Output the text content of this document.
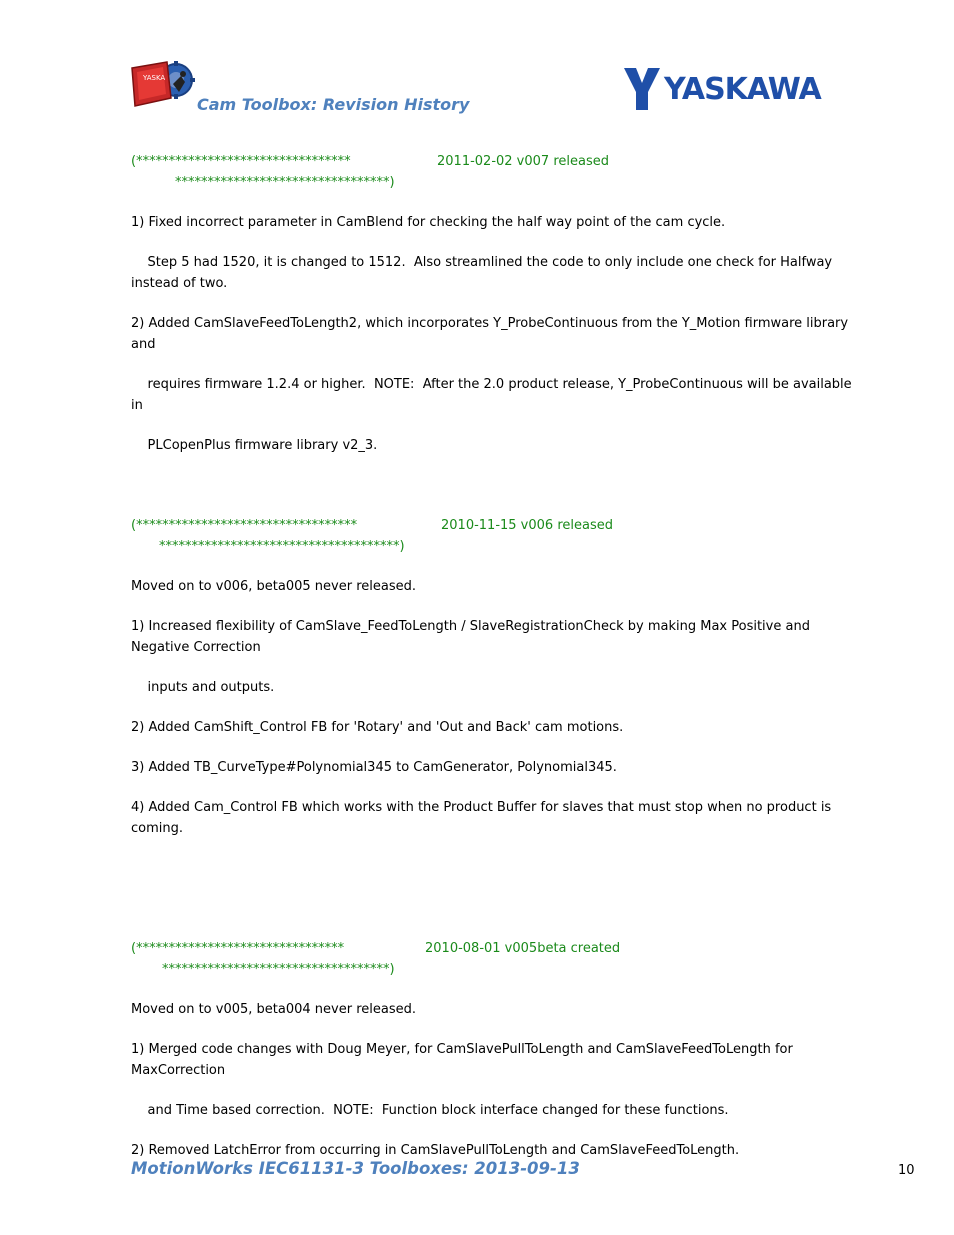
YASKA
Cam Toolbox: Revision History	YASKAWA
(*********************************	2011-02-02 v007 released
*********************************)
1) Fixed incorrect parameter in CamBlend for checking the half way point of the cam cycle.
Step 5 had 1520, it is changed to 1512.  Also streamlined the code to only include one check for Halfway
instead of two.
2) Added CamSlaveFeedToLength2, which incorporates Y_ProbeContinuous from the Y_Motion firmware library
and
requires firmware 1.2.4 or higher.  NOTE:  After the 2.0 product release, Y_ProbeContinuous will be available
in
PLCopenPlus firmware library v2_3.
(**********************************	2010-11-15 v006 released
*************************************)
Moved on to v006, beta005 never released.
1) Increased flexibility of CamSlave_FeedToLength / SlaveRegistrationCheck by making Max Positive and
Negative Correction
inputs and outputs.
2) Added CamShift_Control FB for 'Rotary' and 'Out and Back' cam motions.
3) Added TB_CurveType#Polynomial345 to CamGenerator, Polynomial345.
4) Added Cam_Control FB which works with the Product Buffer for slaves that must stop when no product is
coming.
(********************************	2010-08-01 v005beta created
***********************************)
Moved on to v005, beta004 never released.
1) Merged code changes with Doug Meyer, for CamSlavePullToLength and CamSlaveFeedToLength for
MaxCorrection
and Time based correction.  NOTE:  Function block interface changed for these functions.
2) Removed LatchError from occurring in CamSlavePullToLength and CamSlaveFeedToLength.
MotionWorks IEC61131-3 Toolboxes: 2013-09-13	10
